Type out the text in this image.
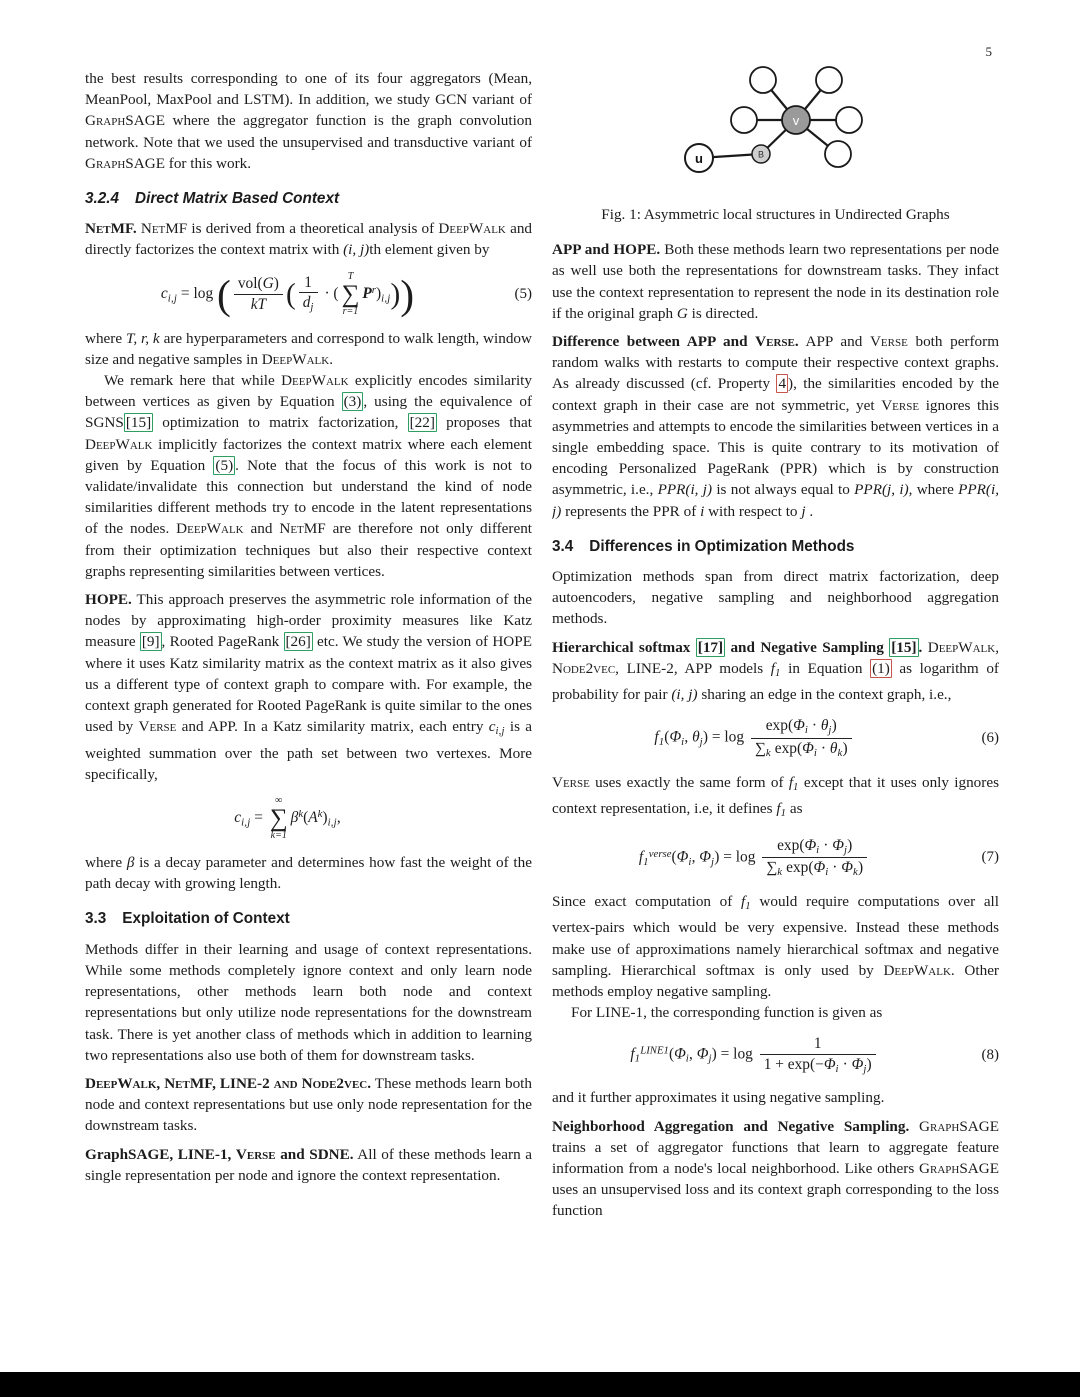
5

the best results corresponding to one of its four aggregators (Mean, MeanPool, MaxPool and LSTM). In addition, we study GCN variant of GraphSAGE where the aggregator function is the graph convolution network. Note that we used the unsupervised and transductive variant of GraphSAGE for this work.

3.2.4 Direct Matrix Based Context

NetMF. NetMF is derived from a theoretical analysis of DeepWalk and directly factorizes the context matrix with (i, j)th element given by

$c_{i,j} = \log$ ( $\frac{\text{vol(G)}}{kT}$ ( $\frac{1}{d_j}$ · (
T
∑
r=1
$P^r)_{i,j}$))	(5)

where T, r, k are hyperparameters and correspond to walk length, window size and negative samples in DeepWalk.

We remark here that while DeepWalk explicitly encodes similarity between vertices as given by Equation (3) , using the equivalence of SGNS [15] optimization to matrix factorization, [22] proposes that DeepWalk implicitly factorizes the context matrix where each element given by Equation (5) . Note that the focus of this work is not to validate/invalidate this connection but understand the kind of node similarities different methods try to encode in the latent representations of the nodes. DeepWalk and NetMF are therefore not only different from their optimization techniques but also their respective context graphs representing similarities between vertices.

HOPE. This approach preserves the asymmetric role information of the nodes by approximating high-order proximity measures like Katz measure [9] , Rooted PageRank [26] etc. We study the version of HOPE where it uses Katz similarity matrix as the context matrix as it also gives us a different type of context graph to compare with. For example, the context graph generated for Rooted PageRank is quite similar to the ones used by Verse and APP. In a Katz similarity matrix, each entry $c_{i,j}$ is a weighted summation over the path set between two vertexes. More specifically,

$c_{i,j}$ =
∞
∑
k=1
$\beta^k(A^k)_{i,j}$,

where β is a decay parameter and determines how fast the weight of the path decay with growing length.

3.3 Exploitation of Context

Methods differ in their learning and usage of context representations. While some methods completely ignore context and only learn node representations, other methods learn both node and context representations but only utilize node representations for the downstream task. There is yet another class of methods which in addition to learning two representations also use both of them for downstream tasks.

DeepWalk, NetMF, LINE-2 and Node2vec. These methods learn both node and context representations but use only node representation for the downstream tasks.

GraphSAGE, LINE-1, Verse and SDNE. All of these methods learn a single representation per node and ignore the context representation.

B
v
u
Fig. 1: Asymmetric local structures in Undirected Graphs

APP and HOPE. Both these methods learn two representations per node as well use both the representations for downstream tasks. They infact use the context representation to represent the node in its destination role if the original graph G is directed.

Difference between APP and Verse. APP and Verse both perform random walks with restarts to compute their respective context graphs. As already discussed (cf. Property 4 ), the similarities encoded by the context graph in their case are not symmetric, yet Verse ignores this asymmetries and attempts to encode the similarities between vertices in a single embedding space. This is quite contrary to its motivation of encoding Personalized PageRank (PPR) which is by construction asymmetric, i.e., PPR(i, j) is not always equal to PPR(j, i), where PPR(i, j) represents the PPR of i with respect to j .

3.4 Differences in Optimization Methods

Optimization methods span from direct matrix factorization, deep autoencoders, negative sampling and neighborhood aggregation methods.

Hierarchical softmax [17] and Negative Sampling [15] . DeepWalk, Node2vec, LINE-2, APP models $f_1$ in Equation (1) as logarithm of probability for pair (i, j) sharing an edge in the context graph, i.e.,

$f_1(\Phi_i$, $\theta_j) = \log \frac{\exp(\Phi_i \cdot \theta_j)}{\sum_k \exp(\Phi_i \cdot \theta_k)}$	(6)

Verse uses exactly the same form of $f_1$ except that it uses only ignores context representation, i.e, it defines $f_1$ as

$f_1^{verse}(\Phi_i$, $\Phi_j) = \log \frac{\exp(\Phi_i \cdot \Phi_j)}{\sum_k \exp(\Phi_i \cdot \Phi_k)}$	(7)

Since exact computation of $f_1$ would require computations over all vertex-pairs which would be very expensive. Instead these methods make use of approximations namely hierarchical softmax and negative sampling. Hierarchical softmax is only used by DeepWalk. Other methods employ negative sampling.

For LINE-1, the corresponding function is given as

$f_1^{LINE1}(\Phi_i$, $\Phi_j) = \log \frac{1}{1 + \exp(-\Phi_i \cdot \Phi_j)}$	(8)

and it further approximates it using negative sampling.

Neighborhood Aggregation and Negative Sampling. GraphSAGE trains a set of aggregator functions that learn to aggregate feature information from a node's local neighborhood. Like others GraphSAGE uses an unsupervised loss and its context graph corresponding to the loss function
